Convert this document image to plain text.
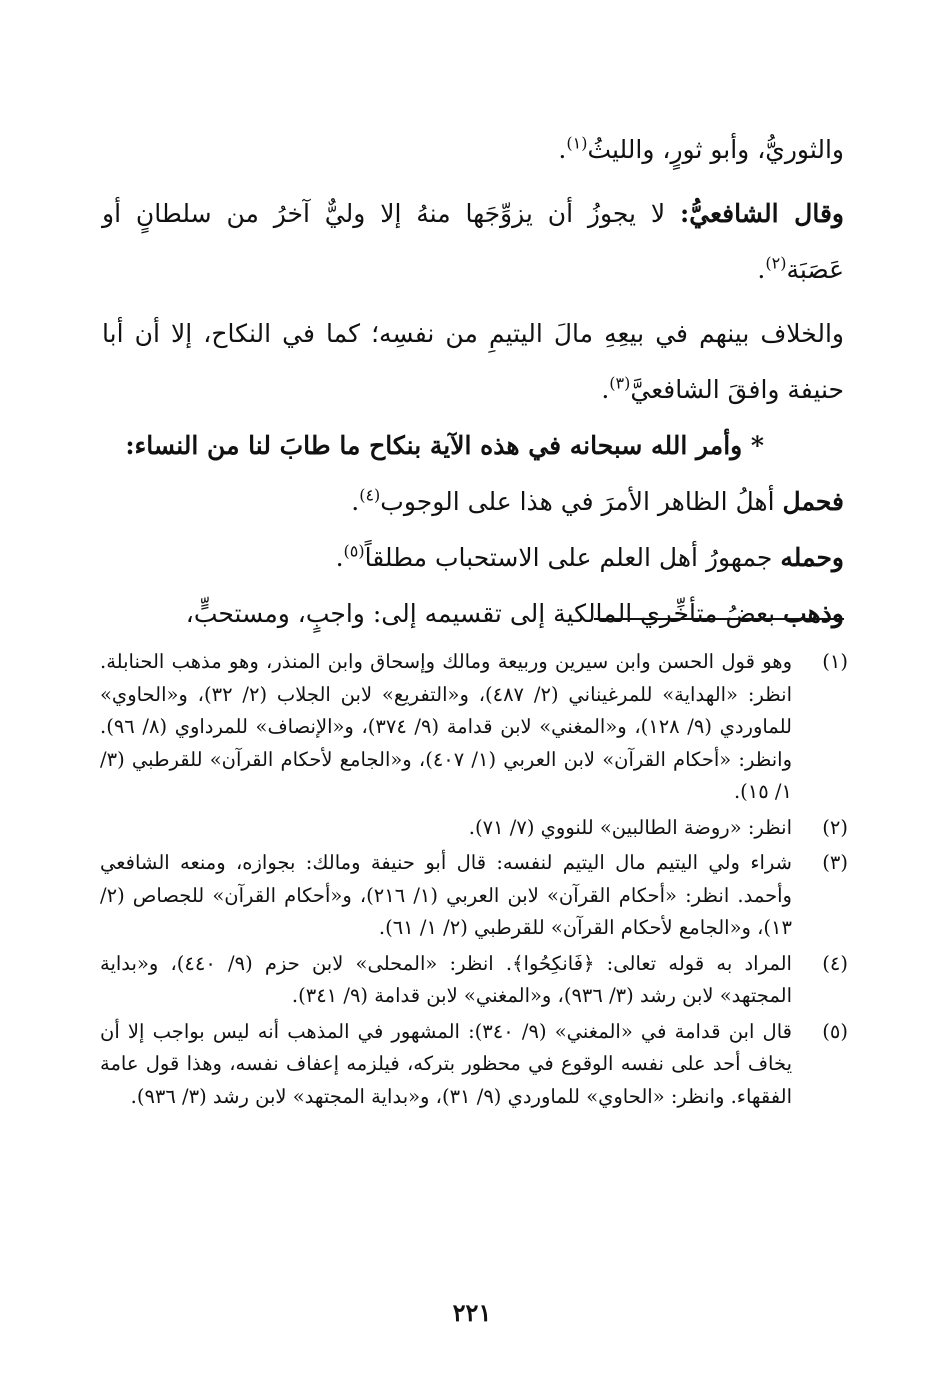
والثوريُّ، وأبو ثورٍ، والليثُ$^{(١)}$.

وقال الشافعيُّ: لا يجوزُ أن يزوِّجَها منهُ إلا وليٌّ آخرُ من سلطانٍ أو عَصَبَة$^{(٢)}$.

والخلاف بينهم في بيعِهِ مالَ اليتيمِ من نفسِه؛ كما في النكاح، إلا أن أبا حنيفة وافقَ الشافعيَّ$^{(٣)}$.

* وأمر الله سبحانه في هذه الآية بنكاح ما طابَ لنا من النساء:

فحمل أهلُ الظاهر الأمرَ في هذا على الوجوب$^{(٤)}$.

وحمله جمهورُ أهل العلم على الاستحباب مطلقاً$^{(٥)}$.

وذهب بعضُ متأخِّري المالكية إلى تقسيمه إلى: واجبٍ، ومستحبٍّ،

(١)
وهو قول الحسن وابن سيرين وربيعة ومالك وإسحاق وابن المنذر، وهو مذهب الحنابلة. انظر: «الهداية» للمرغيناني (٢/ ٤٨٧)، و«التفريع» لابن الجلاب (٢/ ٣٢)، و«الحاوي» للماوردي (٩/ ١٢٨)، و«المغني» لابن قدامة (٩/ ٣٧٤)، و«الإنصاف» للمرداوي (٨/ ٩٦). وانظر: «أحكام القرآن» لابن العربي (١/ ٤٠٧)، و«الجامع لأحكام القرآن» للقرطبي (٣/ ١/ ١٥).

(٢)
انظر: «روضة الطالبين» للنووي (٧/ ٧١).

(٣)
شراء ولي اليتيم مال اليتيم لنفسه: قال أبو حنيفة ومالك: بجوازه، ومنعه الشافعي وأحمد. انظر: «أحكام القرآن» لابن العربي (١/ ٢١٦)، و«أحكام القرآن» للجصاص (٢/ ١٣)، و«الجامع لأحكام القرآن» للقرطبي (٢/ ١/ ٦١).

(٤)
المراد به قوله تعالى: ﴿فَانكِحُوا﴾. انظر: «المحلى» لابن حزم (٩/ ٤٤٠)، و«بداية المجتهد» لابن رشد (٣/ ٩٣٦)، و«المغني» لابن قدامة (٩/ ٣٤١).

(٥)
قال ابن قدامة في «المغني» (٩/ ٣٤٠): المشهور في المذهب أنه ليس بواجب إلا أن يخاف أحد على نفسه الوقوع في محظور بتركه، فيلزمه إعفاف نفسه، وهذا قول عامة الفقهاء. وانظر: «الحاوي» للماوردي (٩/ ٣١)، و«بداية المجتهد» لابن رشد (٣/ ٩٣٦).

٢٢١
